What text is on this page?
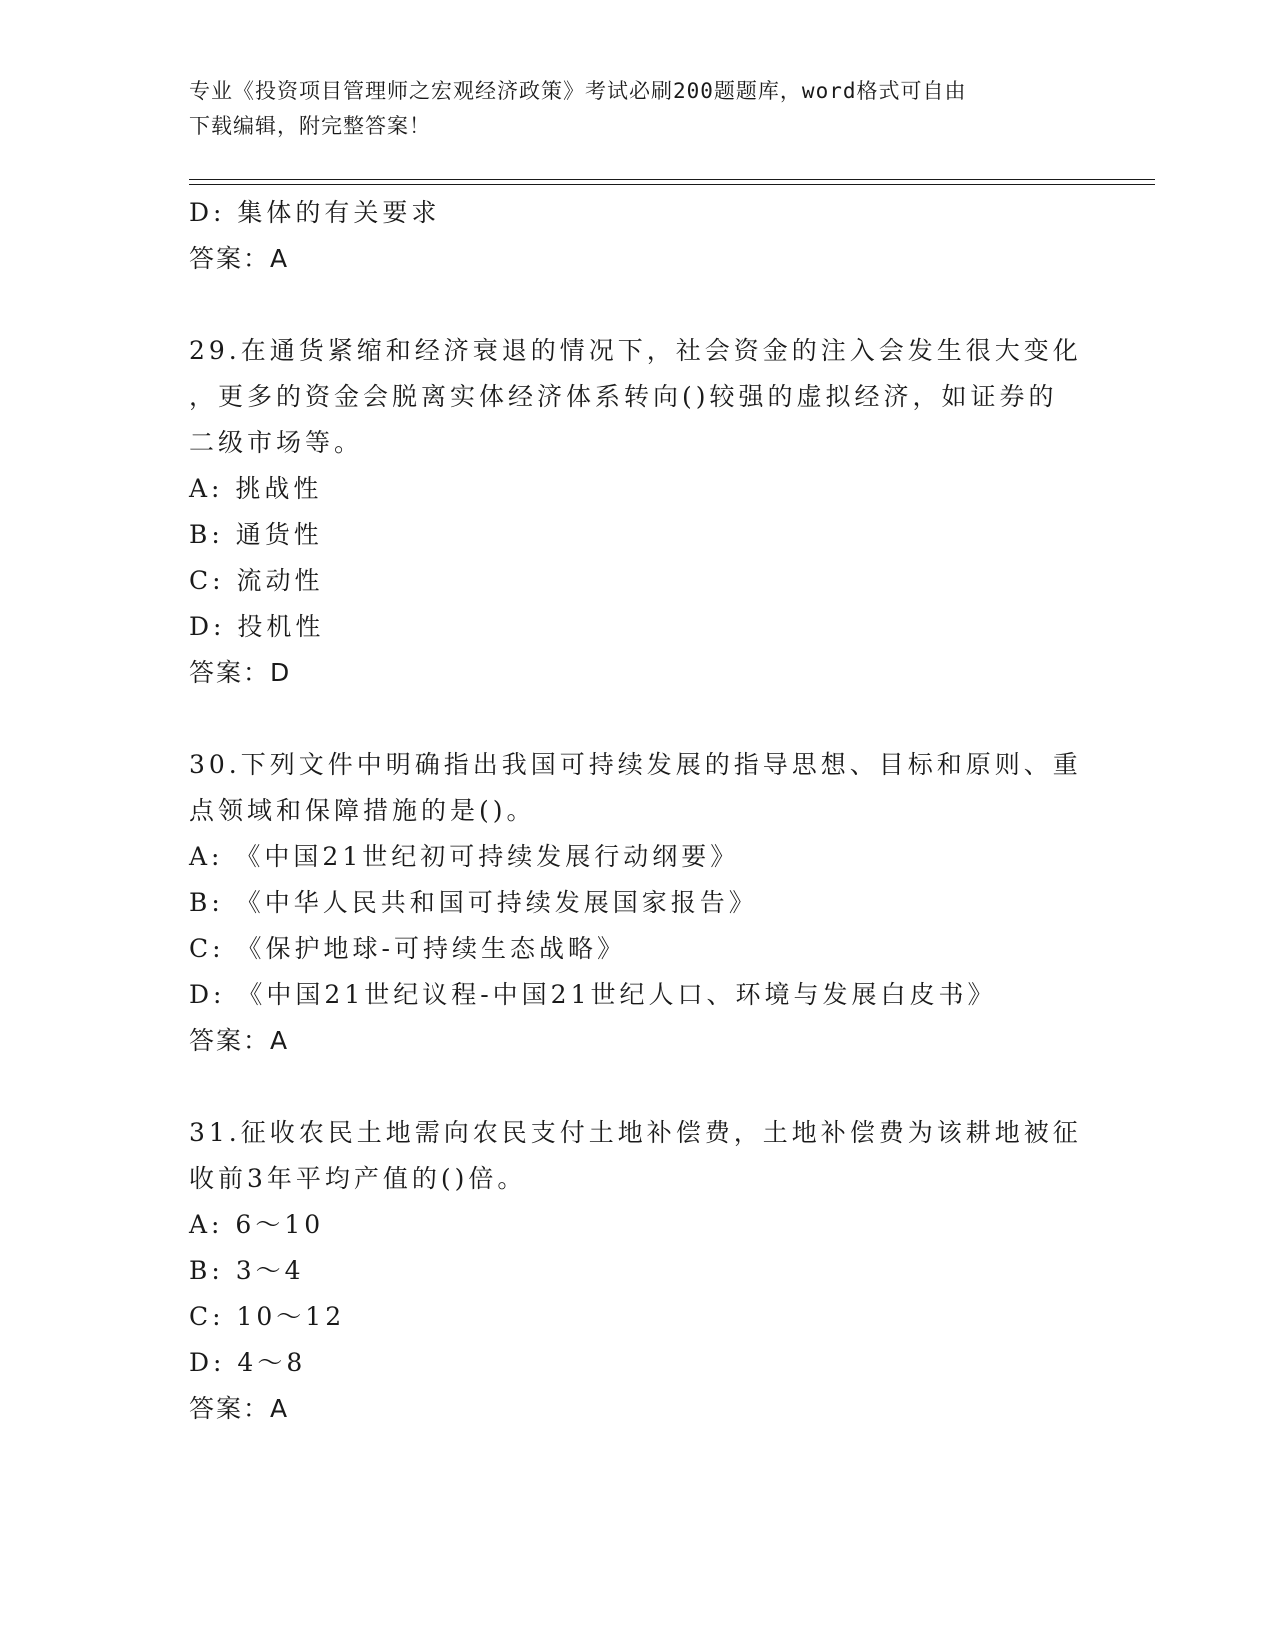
专业《投资项目管理师之宏观经济政策》考试必刷200题题库，word格式可自由
下载编辑，附完整答案！
D: 集体的有关要求
答案：A
29.在通货紧缩和经济衰退的情况下，社会资金的注入会发生很大变化
，更多的资金会脱离实体经济体系转向()较强的虚拟经济，如证券的
二级市场等。
A: 挑战性
B: 通货性
C: 流动性
D: 投机性
答案：D
30.下列文件中明确指出我国可持续发展的指导思想、目标和原则、重
点领域和保障措施的是()。
A: 《中国21世纪初可持续发展行动纲要》
B: 《中华人民共和国可持续发展国家报告》
C: 《保护地球-可持续生态战略》
D: 《中国21世纪议程-中国21世纪人口、环境与发展白皮书》
答案：A
31.征收农民土地需向农民支付土地补偿费，土地补偿费为该耕地被征
收前3年平均产值的()倍。
A: 6～10
B: 3～4
C: 10～12
D: 4～8
答案：A
